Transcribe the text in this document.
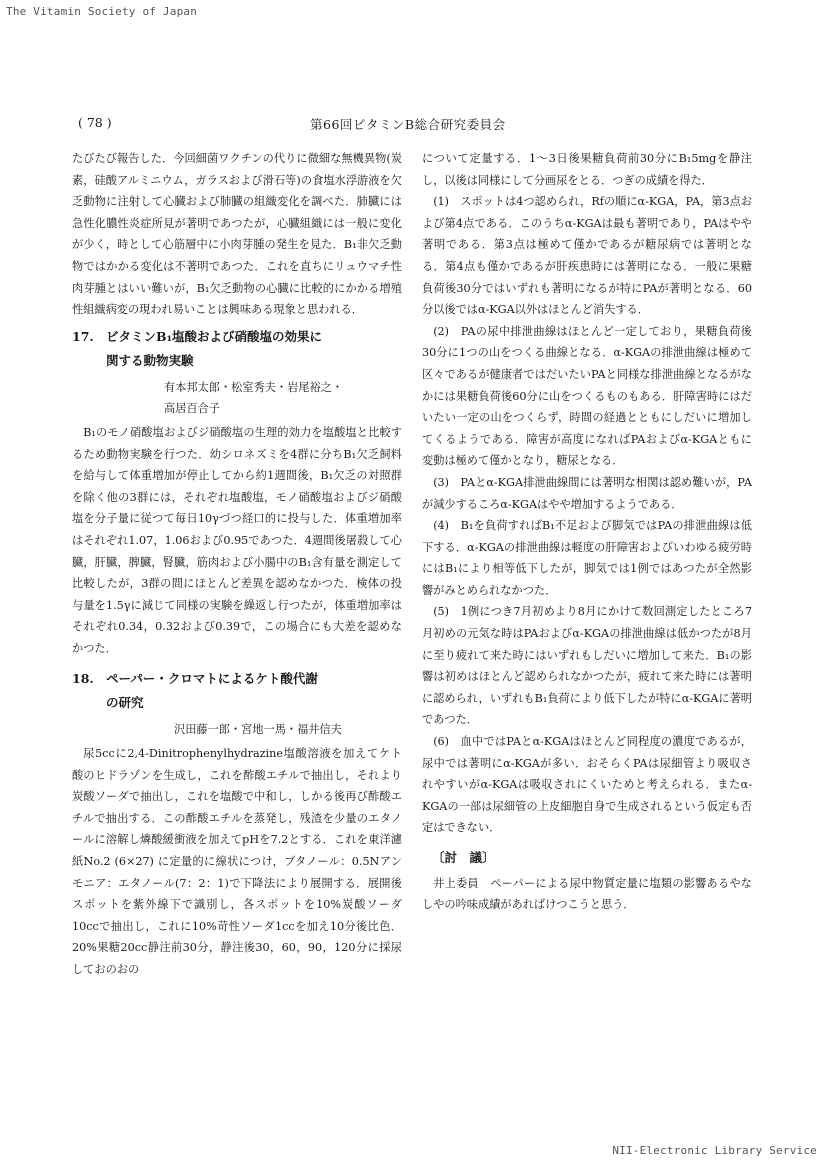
The Vitamin Society of Japan
( 78 )	第66回ビタミンB総合研究委員会

たびたび報告した．今回細菌ワクチンの代りに微細な無機異物(炭素，硅酸アルミニウム，ガラスおよび滑石等)の食塩水浮游液を欠乏動物に注射して心臓および肺臓の組織変化を調べた．肺臓には急性化膿性炎症所見が著明であつたが，心臓組織には一般に変化が少く，時として心筋層中に小肉芽腫の発生を見た．B₁非欠乏動物ではかかる変化は不著明であつた．これを直ちにリュウマチ性肉芽腫とはいい難いが，B₁欠乏動物の心臓に比較的にかかる増殖性組織病変の現われ易いことは興味ある現象と思われる．

17. ビタミンB₁塩酸および硝酸塩の効果に
関する動物実験
有本邦太郎・松室秀夫・岩尾裕之・
高居百合子

B₁のモノ硝酸塩およびジ硝酸塩の生理的効力を塩酸塩と比較するため動物実験を行つた．幼シロネズミを4群に分ちB₁欠乏飼料を給与して体重増加が停止してから約1週間後，B₁欠乏の対照群を除く他の3群には，それぞれ塩酸塩，モノ硝酸塩およびジ硝酸塩を分子量に従つて毎日10γづつ経口的に投与した．体重増加率はそれぞれ1.07，1.06および0.95であつた．4週間後屠殺して心臓，肝臓，脾臓，腎臓，筋肉および小腸中のB₁含有量を測定して比較したが，3群の間にほとんど差異を認めなかつた．検体の投与量を1.5γに減じて同様の実験を繰返し行つたが，体重増加率はそれぞれ0.34，0.32および0.39で，この場合にも大差を認めなかつた．

18. ペーパー・クロマトによるケト酸代謝
の研究
沢田藤一郎・宮地一馬・福井信夫

尿5ccに2,4-Dinitrophenylhydrazine塩酸溶液を加えてケト酸のヒドラゾンを生成し，これを酢酸エチルで抽出し，それより炭酸ソーダで抽出し，これを塩酸で中和し，しかる後再び酢酸エチルで抽出する．この酢酸エチルを蒸発し，残渣を少量のエタノールに溶解し燐酸緩衝液を加えてpHを7.2とする．これを東洋濾紙No.2 (6×27) に定量的に線状につけ，ブタノール：0.5Nアンモニア：エタノール(7：2：1)で下降法により展開する．展開後スポットを紫外線下で識別し，各スポットを10%炭酸ソーダ10ccで抽出し，これに10%苛性ソーダ1ccを加え10分後比色．20%果糖20cc静注前30分，静注後30，60，90，120分に採尿しておのおの

について定量する．1〜3日後果糖負荷前30分にB₁5mgを静注し，以後は同様にして分画尿をとる．つぎの成績を得た．

(1)　スポットは4つ認められ，Rfの順にα-KGA，PA，第3点および第4点である．このうちα-KGAは最も著明であり，PAはやや著明である．第3点は極めて僅かであるが糖尿病では著明となる．第4点も僅かであるが肝疾患時には著明になる．一般に果糖負荷後30分ではいずれも著明になるが特にPAが著明となる．60分以後ではα-KGA以外はほとんど消失する．

(2)　PAの尿中排泄曲線はほとんど一定しており，果糖負荷後30分に1つの山をつくる曲線となる．α-KGAの排泄曲線は極めて区々であるが健康者ではだいたいPAと同様な排泄曲線となるがなかには果糖負荷後60分に山をつくるものもある．肝障害時にはだいたい一定の山をつくらず，時間の経過とともにしだいに増加してくるようである．障害が高度になればPAおよびα-KGAともに変動は極めて僅かとなり，糖尿となる．

(3)　PAとα-KGA排泄曲線間には著明な相関は認め難いが，PAが減少するころα-KGAはやや増加するようである．

(4)　B₁を負荷すればB₁不足および脚気ではPAの排泄曲線は低下する．α-KGAの排泄曲線は軽度の肝障害およびいわゆる疲労時にはB₁により相等低下したが，脚気では1例ではあつたが全然影響がみとめられなかつた．

(5)　1例につき7月初めより8月にかけて数回測定したところ7月初めの元気な時はPAおよびα-KGAの排泄曲線は低かつたが8月に至り疲れて来た時にはいずれもしだいに増加して来た．B₁の影響は初めはほとんど認められなかつたが，疲れて来た時には著明に認められ，いずれもB₁負荷により低下したが特にα-KGAに著明であつた．

(6)　血中ではPAとα-KGAはほとんど同程度の濃度であるが，尿中では著明にα-KGAが多い．おそらくPAは尿細管より吸収されやすいがα-KGAは吸収されにくいためと考えられる．またα-KGAの一部は尿細管の上皮細胞自身で生成されるという仮定も否定はできない．

〔討　議〕

井上委員　ペーパーによる尿中物質定量に塩類の影響あるやなしやの吟味成績があればけつこうと思う．

NII-Electronic Library Service
